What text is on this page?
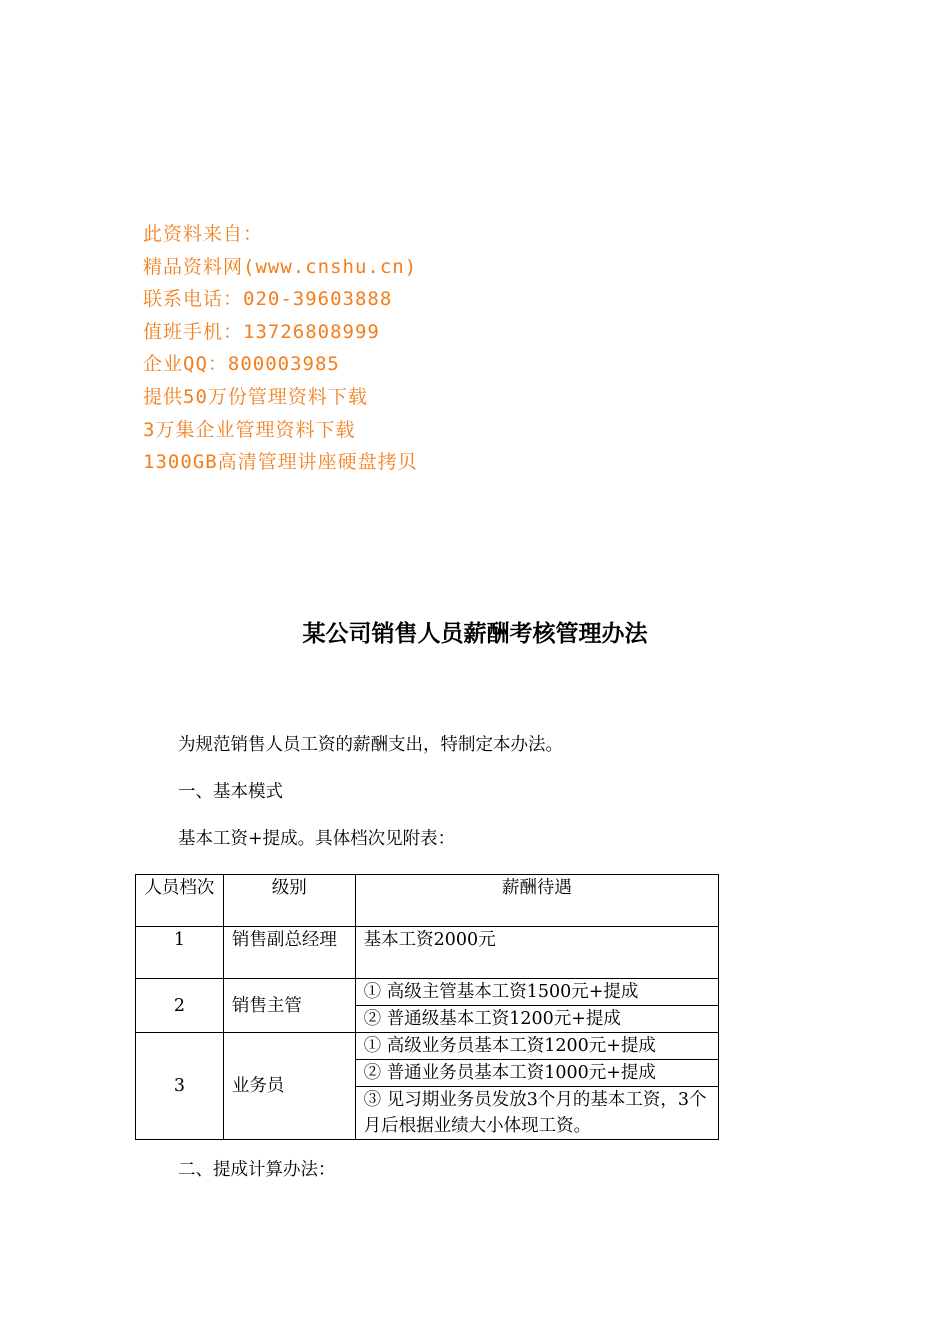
此资料来自：
精品资料网(www.cnshu.cn)
联系电话：020-39603888
值班手机：13726808999
企业QQ：800003985
提供50万份管理资料下载
3万集企业管理资料下载
1300GB高清管理讲座硬盘拷贝
某公司销售人员薪酬考核管理办法
为规范销售人员工资的薪酬支出，特制定本办法。
一、基本模式
基本工资+提成。具体档次见附表：
人员档次	级别	薪酬待遇
1	销售副总经理	基本工资2000元
2	销售主管	① 高级主管基本工资1500元+提成
		② 普通级基本工资1200元+提成
3	业务员	① 高级业务员基本工资1200元+提成
		② 普通业务员基本工资1000元+提成
		③ 见习期业务员发放3个月的基本工资，3个月后根据业绩大小体现工资。
二、提成计算办法：
